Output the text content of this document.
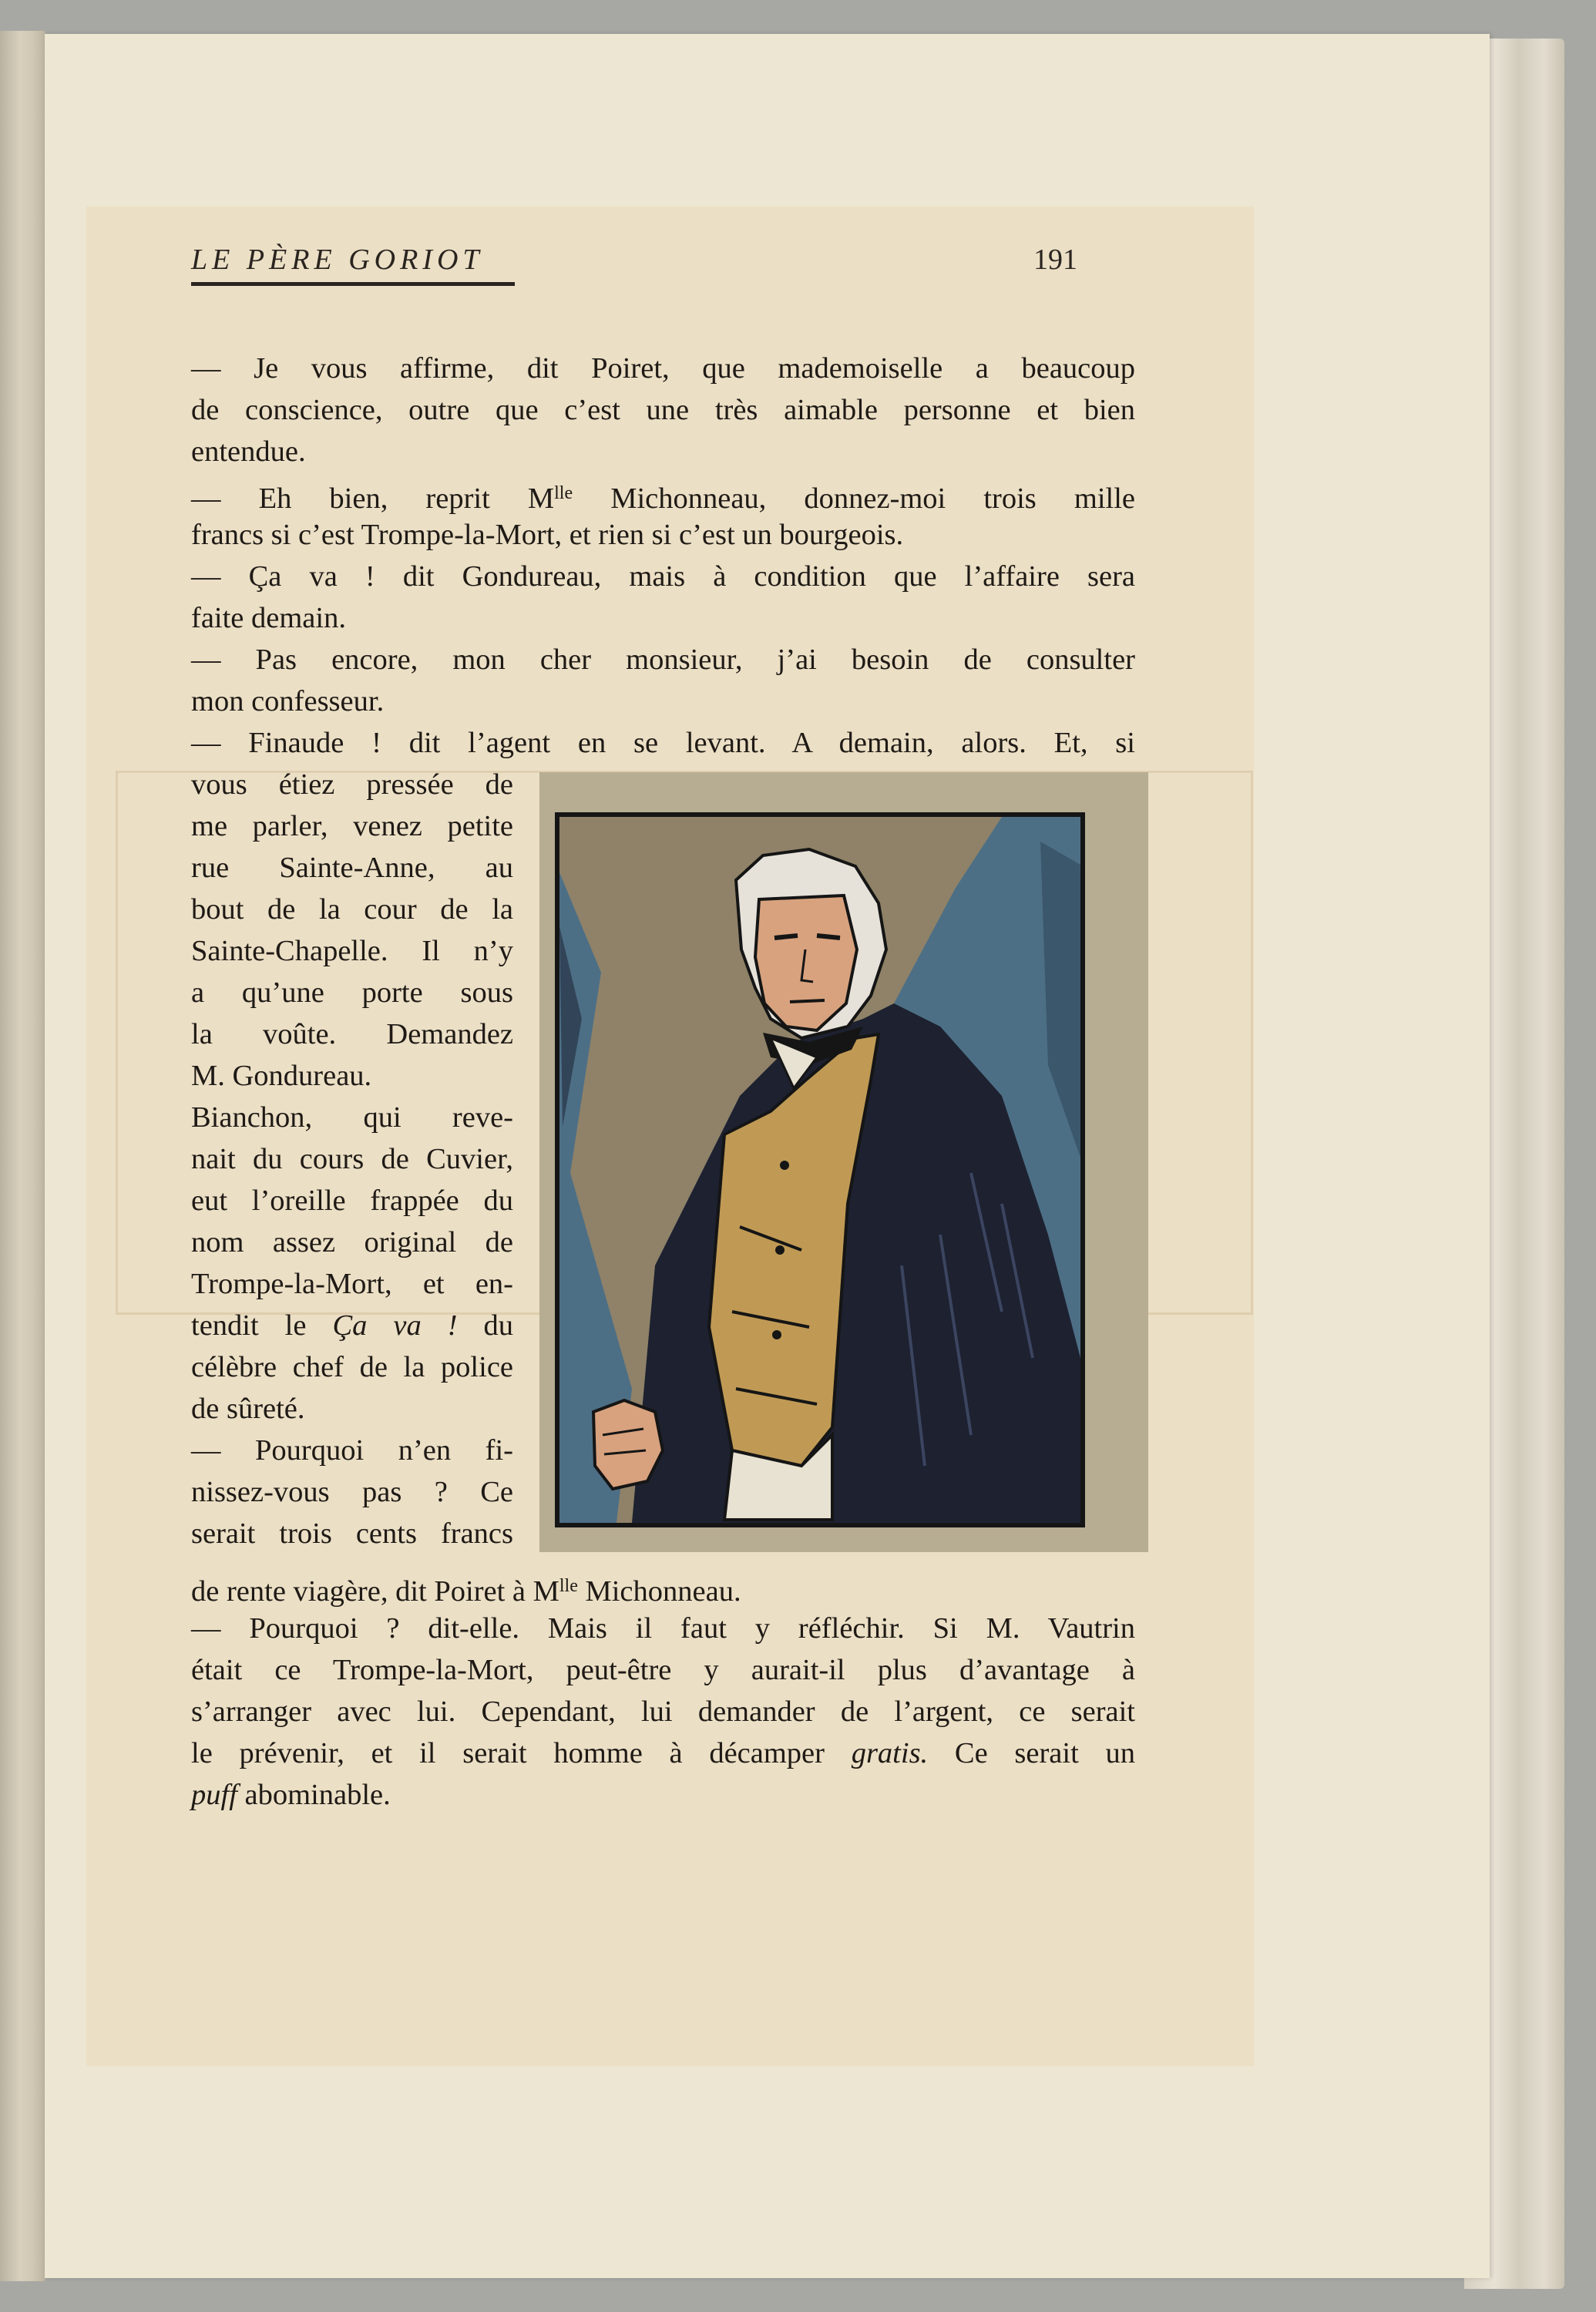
LE PÈRE GORIOT	191
— Je vous affirme, dit Poiret, que mademoiselle a beaucoup
de conscience, outre que c’est une très aimable personne et bien
entendue.
— Eh bien, reprit $M^{lle}$ Michonneau, donnez-moi trois mille
francs si c’est Trompe-la-Mort, et rien si c’est un bourgeois.
— Ça va ! dit Gondureau, mais à condition que l’affaire sera
faite demain.
— Pas encore, mon cher monsieur, j’ai besoin de consulter
mon confesseur.
— Finaude ! dit l’agent en se levant. A demain, alors. Et, si
vous étiez pressée de
me parler, venez petite
rue Sainte-Anne, au
bout de la cour de la
Sainte-Chapelle. Il n’y
a qu’une porte sous
la voûte. Demandez
M. Gondureau.
Bianchon, qui reve-
nait du cours de Cuvier,
eut l’oreille frappée du
nom assez original de
Trompe-la-Mort, et en-
tendit le Ça va ! du
célèbre chef de la police
de sûreté.
— Pourquoi n’en fi-
nissez-vous pas ? Ce
serait trois cents francs
de rente viagère, dit Poiret à $M^{lle}$ Michonneau.
— Pourquoi ? dit-elle. Mais il faut y réfléchir. Si M. Vautrin
était ce Trompe-la-Mort, peut-être y aurait-il plus d’avantage à
s’arranger avec lui. Cependant, lui demander de l’argent, ce serait
le prévenir, et il serait homme à décamper gratis. Ce serait un
puff abominable.
